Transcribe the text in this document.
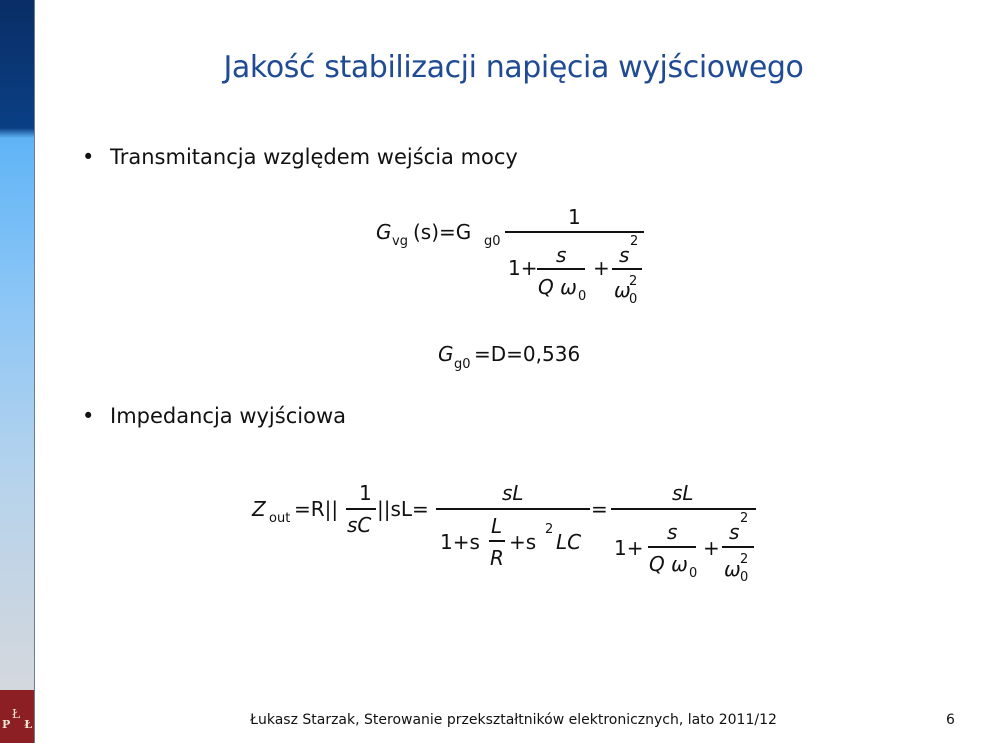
Ł
P Ł
Jakość stabilizacji napięcia wyjściowego
• Transmitancja względem wejścia mocy
G vg (s)=G g0
1
1+
s
Q ω 0
+
s
2
ω
2
0
G g0 =D=0,536
• Impedancja wyjściowa
Z out =R||
1
sC
||sL=
sL
1+s
L
R
+s
2
LC
=
sL
1+
s
Q ω 0
+
s
2
ω 2
0
Łukasz Starzak, Sterowanie przekształtników elektronicznych, lato 2011/12	6
